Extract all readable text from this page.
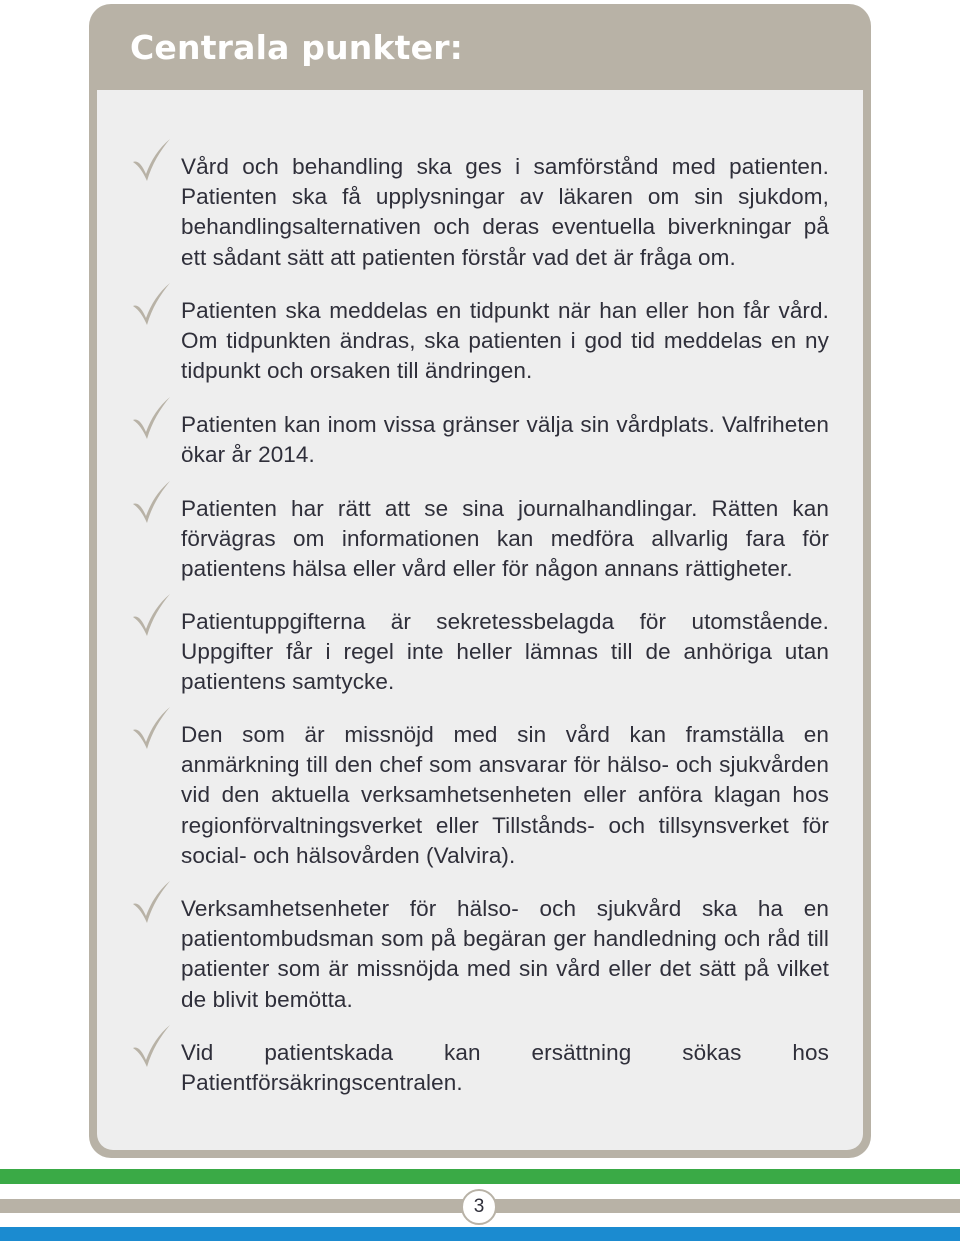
Centrala punkter:

Vård och behandling ska ges i samförstånd med patienten. Patienten ska få upplysningar av läkaren om sin sjukdom, behandlingsalternativen och deras eventuella biverkningar på ett sådant sätt att patienten förstår vad det är fråga om.

Patienten ska meddelas en tidpunkt när han eller hon får vård. Om tidpunkten ändras, ska patienten i god tid meddelas en ny tidpunkt och orsaken till ändringen.

Patienten kan inom vissa gränser välja sin vårdplats. Valfriheten ökar år 2014.

Patienten har rätt att se sina journalhandlingar. Rätten kan förvägras om informationen kan medföra allvarlig fara för patientens hälsa eller vård eller för någon annans rättigheter.

Patientuppgifterna är sekretessbelagda för utomstående. Uppgifter får i regel inte heller lämnas till de anhöriga utan patientens samtycke.

Den som är missnöjd med sin vård kan framställa en anmärkning till den chef som ansvarar för hälso- och sjukvården vid den aktuella verksamhetsenheten eller anföra klagan hos regionförvaltningsverket eller Tillstånds- och tillsynsverket för social- och hälsovården (Valvira).

Verksamhetsenheter för hälso- och sjukvård ska ha en patientombudsman som på begäran ger handledning och råd till patienter som är missnöjda med sin vård eller det sätt på vilket de blivit bemötta.

Vid patientskada kan ersättning sökas hos Patientförsäkringscentralen.

3
